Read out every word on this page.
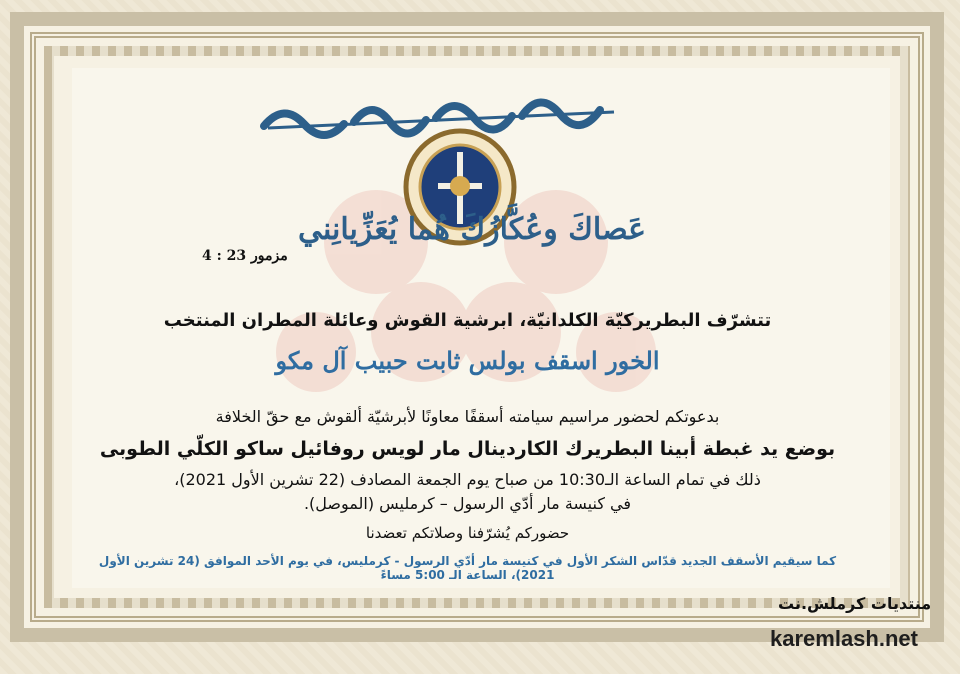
عَصاكَ وعُكَّازُكَ هُما يُعَزِّيانِني
مزمور 23 : 4
تتشرّف البطريركيّة الكلدانيّة، ابرشية القوش وعائلة المطران المنتخب
الخور اسقف بولس ثابت حبيب آل مكو
بدعوتكم لحضور مراسيم سيامته أسقفًا معاونًا لأبرشيّة ألقوش مع حقّ الخلافة
بوضع يد غبطة أبينا البطريرك الكاردينال مار لويس روفائيل ساكو الكلّي الطوبى
ذلك في تمام الساعة الـ10:30 من صباح يوم الجمعة المصادف (22 تشرين الأول 2021)،
في كنيسة مار أدّي الرسول – كرمليس (الموصل).
حضوركم يُشرّفنا وصلاتكم تعضدنا
كما سيقيم الأسقف الجديد قدّاس الشكر الأول في كنيسة مار أدّي الرسول - كرمليس، في يوم الأحد الموافق (24 تشرين الأول 2021)، الساعة الـ 5:00 مساءً
منتديات كرملش.نت
karemlash.net
